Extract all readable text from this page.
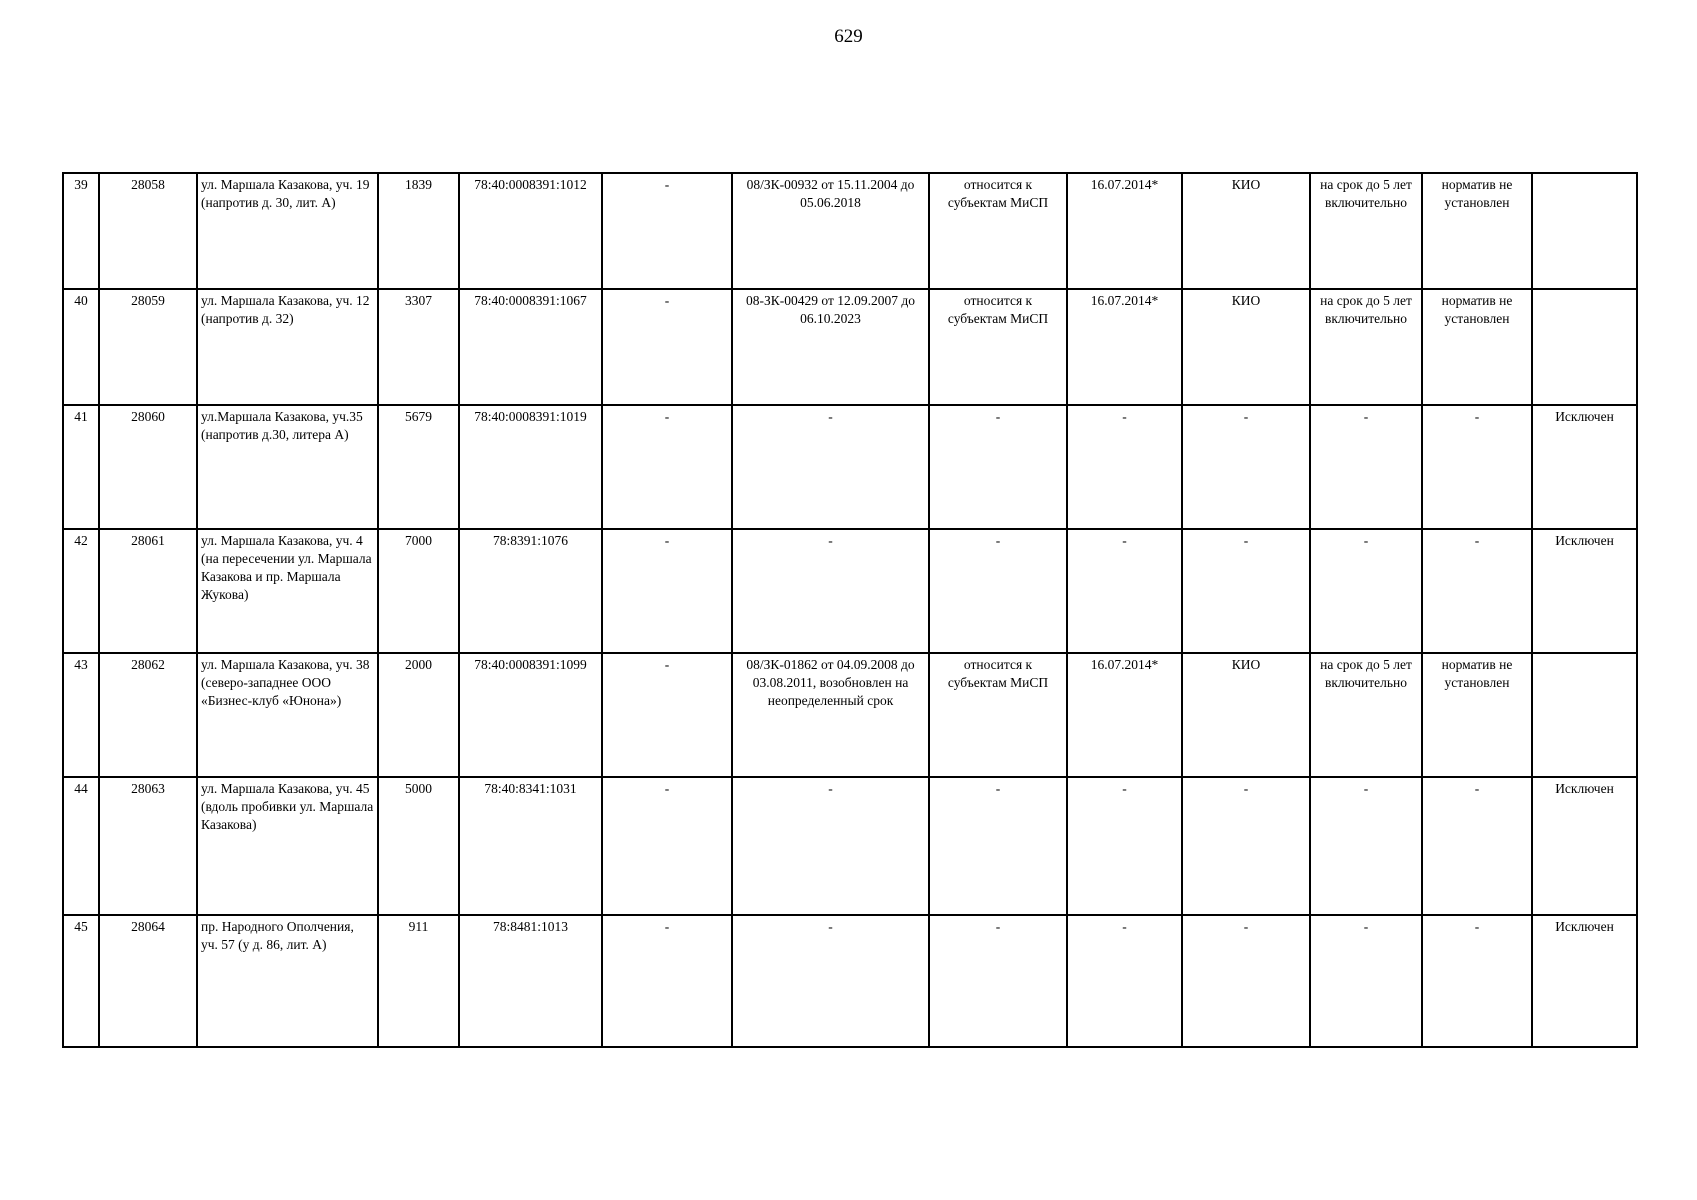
629
39	28058	ул. Маршала Казакова, уч. 19 (напротив д. 30, лит. А)	1839	78:40:0008391:1012	-	08/ЗК-00932 от 15.11.2004 до 05.06.2018	относится к субъектам МиСП	16.07.2014*	КИО	на срок до 5 лет включительно	норматив не установлен	
40	28059	ул. Маршала Казакова, уч. 12 (напротив д. 32)	3307	78:40:0008391:1067	-	08-ЗК-00429 от 12.09.2007 до 06.10.2023	относится к субъектам МиСП	16.07.2014*	КИО	на срок до 5 лет включительно	норматив не установлен	
41	28060	ул.Маршала Казакова, уч.35 (напротив д.30, литера А)	5679	78:40:0008391:1019	-	-	-	-	-	-	-	Исключен
42	28061	ул. Маршала Казакова, уч. 4 (на пересечении ул. Маршала Казакова и пр. Маршала Жукова)	7000	78:8391:1076	-	-	-	-	-	-	-	Исключен
43	28062	ул. Маршала Казакова, уч. 38 (северо-западнее ООО «Бизнес-клуб «Юнона»)	2000	78:40:0008391:1099	-	08/ЗК-01862 от 04.09.2008 до 03.08.2011, возобновлен на неопределенный срок	относится к субъектам МиСП	16.07.2014*	КИО	на срок до 5 лет включительно	норматив не установлен	
44	28063	ул. Маршала Казакова, уч. 45 (вдоль пробивки ул. Маршала Казакова)	5000	78:40:8341:1031	-	-	-	-	-	-	-	Исключен
45	28064	пр. Народного Ополчения, уч. 57 (у д. 86, лит. А)	911	78:8481:1013	-	-	-	-	-	-	-	Исключен
